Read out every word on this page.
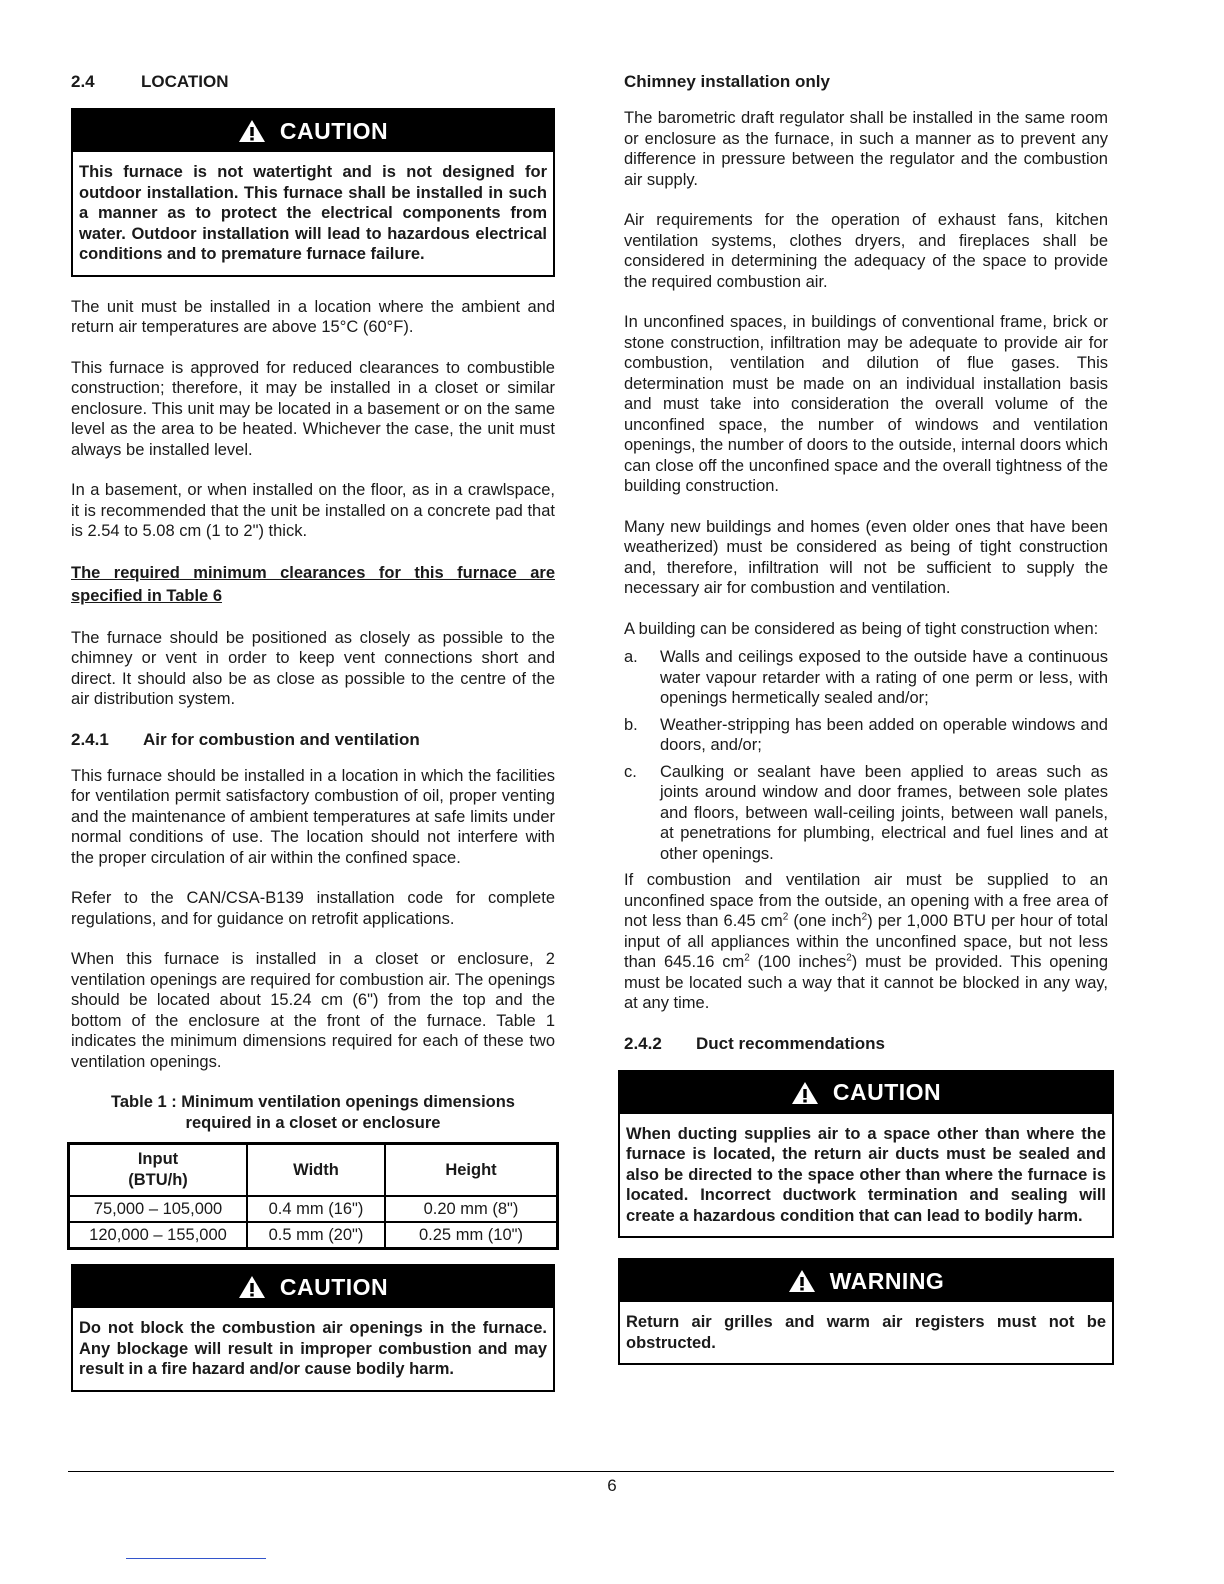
2.4	LOCATION
CAUTION
This furnace is not watertight and is not designed for outdoor installation. This furnace shall be installed in such a manner as to protect the electrical components from water. Outdoor installation will lead to hazardous electrical conditions and to premature furnace failure.

The unit must be installed in a location where the ambient and return air temperatures are above 15°C (60°F).

This furnace is approved for reduced clearances to combustible construction; therefore, it may be installed in a closet or similar enclosure. This unit may be located in a basement or on the same level as the area to be heated. Whichever the case, the unit must always be installed level.

In a basement, or when installed on the floor, as in a crawlspace, it is recommended that the unit be installed on a concrete pad that is 2.54 to 5.08 cm (1 to 2") thick.

The required minimum clearances for this furnace are specified in Table 6

The furnace should be positioned as closely as possible to the chimney or vent in order to keep vent connections short and direct. It should also be as close as possible to the centre of the air distribution system.

2.4.1 Air for combustion and ventilation

This furnace should be installed in a location in which the facilities for ventilation permit satisfactory combustion of oil, proper venting and the maintenance of ambient temperatures at safe limits under normal conditions of use. The location should not interfere with the proper circulation of air within the confined space.

Refer to the CAN/CSA-B139 installation code for complete regulations, and for guidance on retrofit applications.

When this furnace is installed in a closet or enclosure, 2 ventilation openings are required for combustion air. The openings should be located about 15.24 cm (6") from the top and the bottom of the enclosure at the front of the furnace. Table 1 indicates the minimum dimensions required for each of these two ventilation openings.

Table 1 : Minimum ventilation openings dimensions
required in a closet or enclosure
Input
(BTU/h)	Width	Height
75,000 – 105,000	0.4 mm (16")	0.20 mm (8")
120,000 – 155,000	0.5 mm (20")	0.25 mm (10")
CAUTION
Do not block the combustion air openings in the furnace. Any blockage will result in improper combustion and may result in a fire hazard and/or cause bodily harm.
Chimney installation only

The barometric draft regulator shall be installed in the same room or enclosure as the furnace, in such a manner as to prevent any difference in pressure between the regulator and the combustion air supply.

Air requirements for the operation of exhaust fans, kitchen ventilation systems, clothes dryers, and fireplaces shall be considered in determining the adequacy of the space to provide the required combustion air.

In unconfined spaces, in buildings of conventional frame, brick or stone construction, infiltration may be adequate to provide air for combustion, ventilation and dilution of flue gases. This determination must be made on an individual installation basis and must take into consideration the overall volume of the unconfined space, the number of windows and ventilation openings, the number of doors to the outside, internal doors which can close off the unconfined space and the overall tightness of the building construction.

Many new buildings and homes (even older ones that have been weatherized) must be considered as being of tight construction and, therefore, infiltration will not be sufficient to supply the necessary air for combustion and ventilation.

A building can be considered as being of tight construction when:

a. Walls and ceilings exposed to the outside have a continuous water vapour retarder with a rating of one perm or less, with openings hermetically sealed and/or;
b. Weather-stripping has been added on operable windows and doors, and/or;
c. Caulking or sealant have been applied to areas such as joints around window and door frames, between sole plates and floors, between wall-ceiling joints, between wall panels, at penetrations for plumbing, electrical and fuel lines and at other openings.

If combustion and ventilation air must be supplied to an unconfined space from the outside, an opening with a free area of not less than 6.45 $cm^2$ (one inch$^2$) per 1,000 BTU per hour of total input of all appliances within the unconfined space, but not less than 645.16 $cm^2$ (100 inches$^2$) must be provided. This opening must be located such a way that it cannot be blocked in any way, at any time.

2.4.2 Duct recommendations
CAUTION
When ducting supplies air to a space other than where the furnace is located, the return air ducts must be sealed and also be directed to the space other than where the furnace is located. Incorrect ductwork termination and sealing will create a hazardous condition that can lead to bodily harm.
WARNING
Return air grilles and warm air registers must not be obstructed.
6
